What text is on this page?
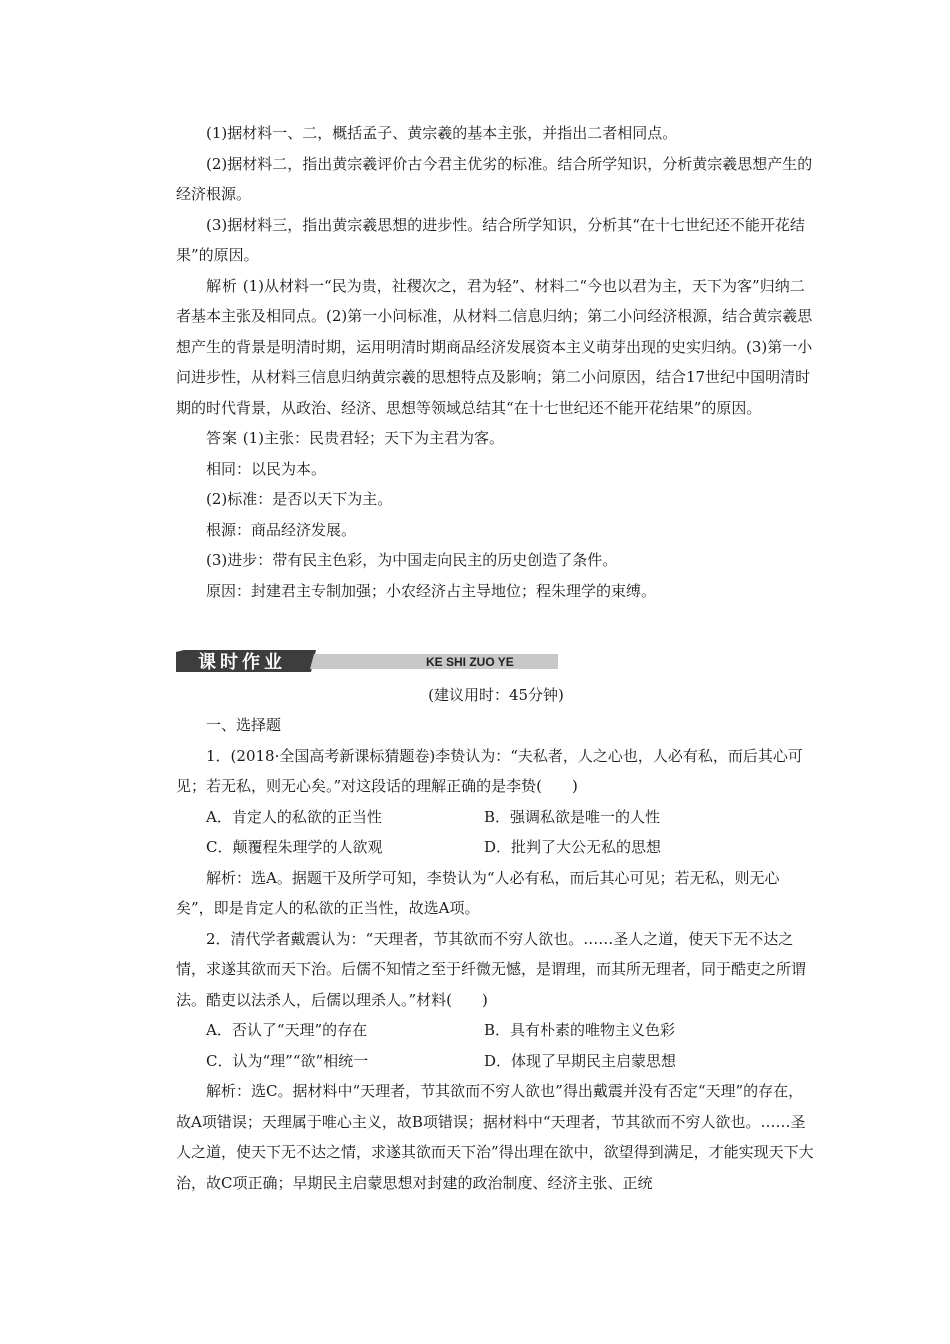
(1)据材料一、二，概括孟子、黄宗羲的基本主张，并指出二者相同点。

(2)据材料二，指出黄宗羲评价古今君主优劣的标准。结合所学知识，分析黄宗羲思想产生的经济根源。

(3)据材料三，指出黄宗羲思想的进步性。结合所学知识，分析其“在十七世纪还不能开花结果”的原因。

解析 (1)从材料一“民为贵，社稷次之，君为轻”、材料二“今也以君为主，天下为客”归纳二者基本主张及相同点。(2)第一小问标准，从材料二信息归纳；第二小问经济根源，结合黄宗羲思想产生的背景是明清时期，运用明清时期商品经济发展资本主义萌芽出现的史实归纳。(3)第一小问进步性，从材料三信息归纳黄宗羲的思想特点及影响；第二小问原因，结合17世纪中国明清时期的时代背景，从政治、经济、思想等领域总结其“在十七世纪还不能开花结果”的原因。

答案 (1)主张：民贵君轻；天下为主君为客。

相同：以民为本。

(2)标准：是否以天下为主。

根源：商品经济发展。

(3)进步：带有民主色彩，为中国走向民主的历史创造了条件。

原因：封建君主专制加强；小农经济占主导地位；程朱理学的束缚。

课时作业	KE SHI ZUO YE
(建议用时：45分钟)

一、选择题

1．(2018·全国高考新课标猜题卷)李贽认为：“夫私者，人之心也，人必有私，而后其心可见；若无私，则无心矣。”对这段话的理解正确的是李贽(　　)

A．肯定人的私欲的正当性	B．强调私欲是唯一的人性
C．颠覆程朱理学的人欲观	D．批判了大公无私的思想

解析：选A。据题干及所学可知，李贽认为“人必有私，而后其心可见；若无私，则无心矣”，即是肯定人的私欲的正当性，故选A项。

2．清代学者戴震认为：“天理者，节其欲而不穷人欲也。……圣人之道，使天下无不达之情，求遂其欲而天下治。后儒不知情之至于纤微无憾，是谓理，而其所无理者，同于酷吏之所谓法。酷吏以法杀人，后儒以理杀人。”材料(　　)

A．否认了“天理”的存在	B．具有朴素的唯物主义色彩
C．认为“理”“欲”相统一	D．体现了早期民主启蒙思想

解析：选C。据材料中“天理者，节其欲而不穷人欲也”得出戴震并没有否定“天理”的存在，故A项错误；天理属于唯心主义，故B项错误；据材料中“天理者，节其欲而不穷人欲也。……圣人之道，使天下无不达之情，求遂其欲而天下治”得出理在欲中，欲望得到满足，才能实现天下大治，故C项正确；早期民主启蒙思想对封建的政治制度、经济主张、正统
